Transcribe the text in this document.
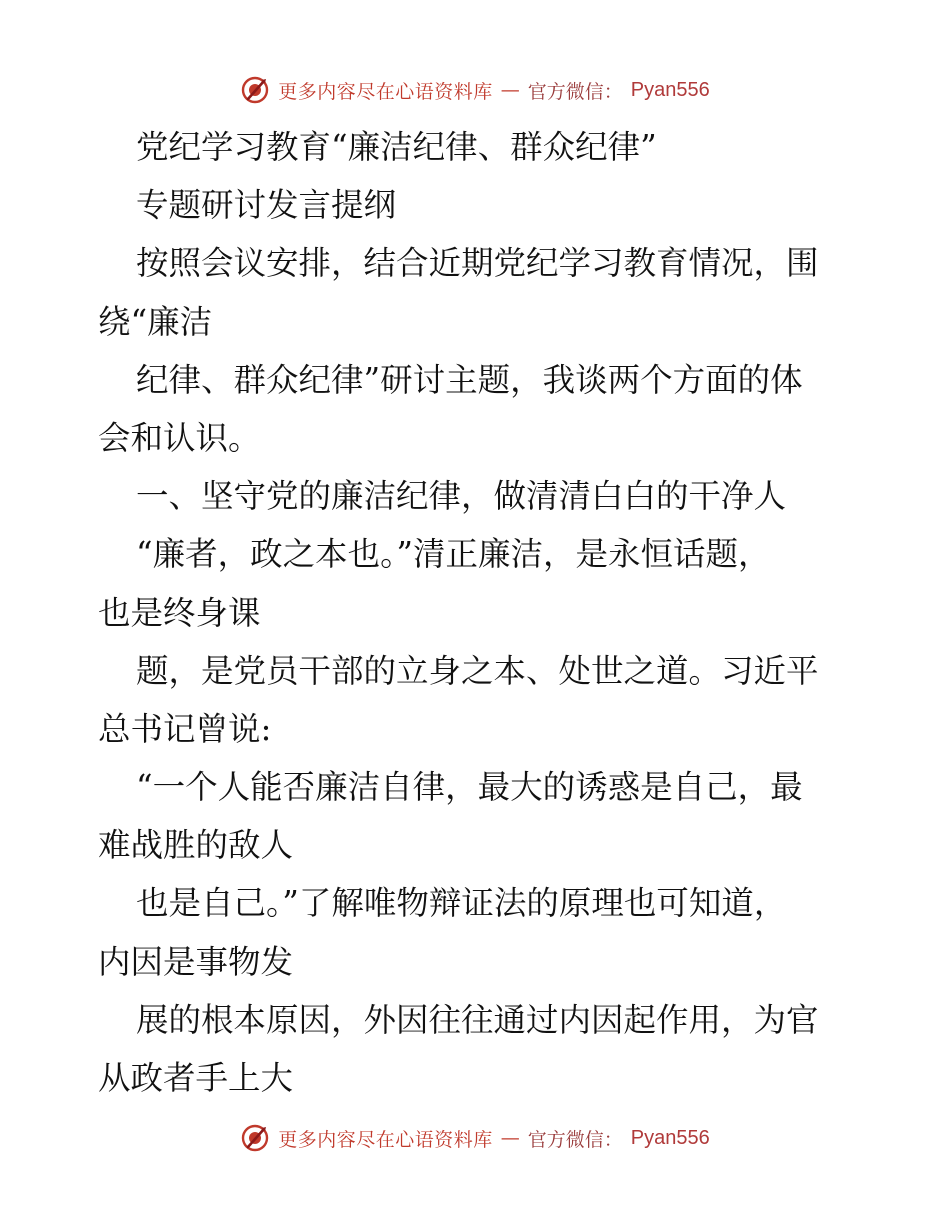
更多内容尽在心语资料库 — 官方微信： Pyan556
党纪学习教育“廉洁纪律、群众纪律”
专题研讨发言提纲
按照会议安排，结合近期党纪学习教育情况，围
绕“廉洁
纪律、群众纪律”研讨主题，我谈两个方面的体
会和认识。
一、坚守党的廉洁纪律，做清清白白的干净人
“廉者，政之本也。”清正廉洁，是永恒话题，
也是终身课
题，是党员干部的立身之本、处世之道。习近平
总书记曾说:
“一个人能否廉洁自律，最大的诱惑是自己，最
难战胜的敌人
也是自己。”了解唯物辩证法的原理也可知道，
内因是事物发
展的根本原因，外因往往通过内因起作用，为官
从政者手上大
更多内容尽在心语资料库 — 官方微信： Pyan556
